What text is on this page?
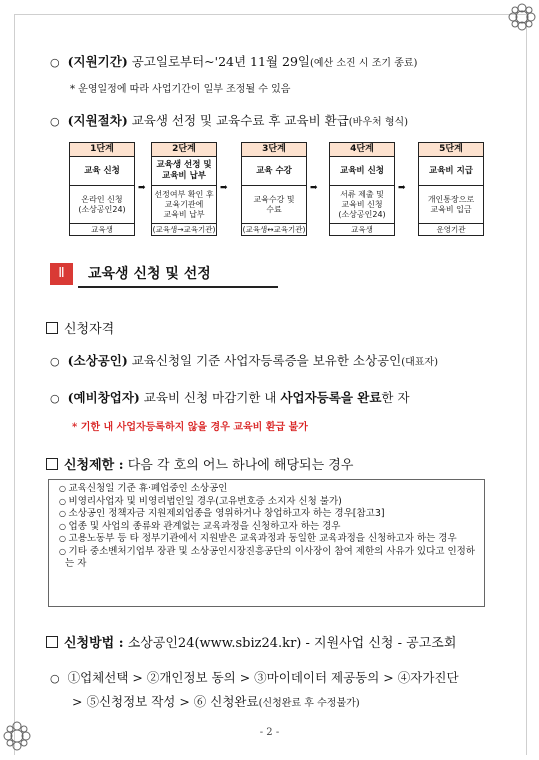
○ (지원기간) 공고일로부터~'24년 11월 29일(예산 소진 시 조기 종료)
* 운영일정에 따라 사업기간이 일부 조정될 수 있음
○ (지원절차) 교육생 선정 및 교육수료 후 교육비 환급(바우처 형식)
1단계
교육 신청
온라인 신청
(소상공인24)
교육생
➡
2단계
교육생 선정 및
교육비 납부
선정여부 확인 후
교육기관에
교육비 납부
(교육생→교육기관)
➡
3단계
교육 수강
교육수강 및
수료
(교육생↔교육기관)
➡
4단계
교육비 신청
서류 제출 및
교육비 신청
(소상공인24)
교육생
➡
5단계
교육비 지급
개인통장으로
교육비 입금
운영기관
Ⅱ	교육생 신청 및 선정
신청자격
○ (소상공인) 교육신청일 기준 사업자등록증을 보유한 소상공인(대표자)
○ (예비창업자) 교육비 신청 마감기한 내 사업자등록을 완료한 자
* 기한 내 사업자등록하지 않을 경우 교육비 환급 불가
신청제한 : 다음 각 호의 어느 하나에 해당되는 경우
○ 교육신청일 기준 휴·폐업중인 소상공인
○ 비영리사업자 및 비영리법인일 경우(고유번호증 소지자 신청 불가)
○ 소상공인 정책자금 지원제외업종을 영위하거나 창업하고자 하는 경우[참고3]
○ 업종 및 사업의 종류와 관계없는 교육과정을 신청하고자 하는 경우
○ 고용노동부 등 타 정부기관에서 지원받은 교육과정과 동일한 교육과정을 신청하고자 하는 경우
○ 기타 중소벤처기업부 장관 및 소상공인시장진흥공단의 이사장이 참여 제한의 사유가 있다고 인정하는 자
신청방법 : 소상공인24(www.sbiz24.kr) - 지원사업 신청 - 공고조회
○ ①업체선택 > ②개인정보 동의 > ③마이데이터 제공동의 > ④자가진단
> ⑤신청정보 작성 > ⑥ 신청완료(신청완료 후 수정불가)
- 2 -
